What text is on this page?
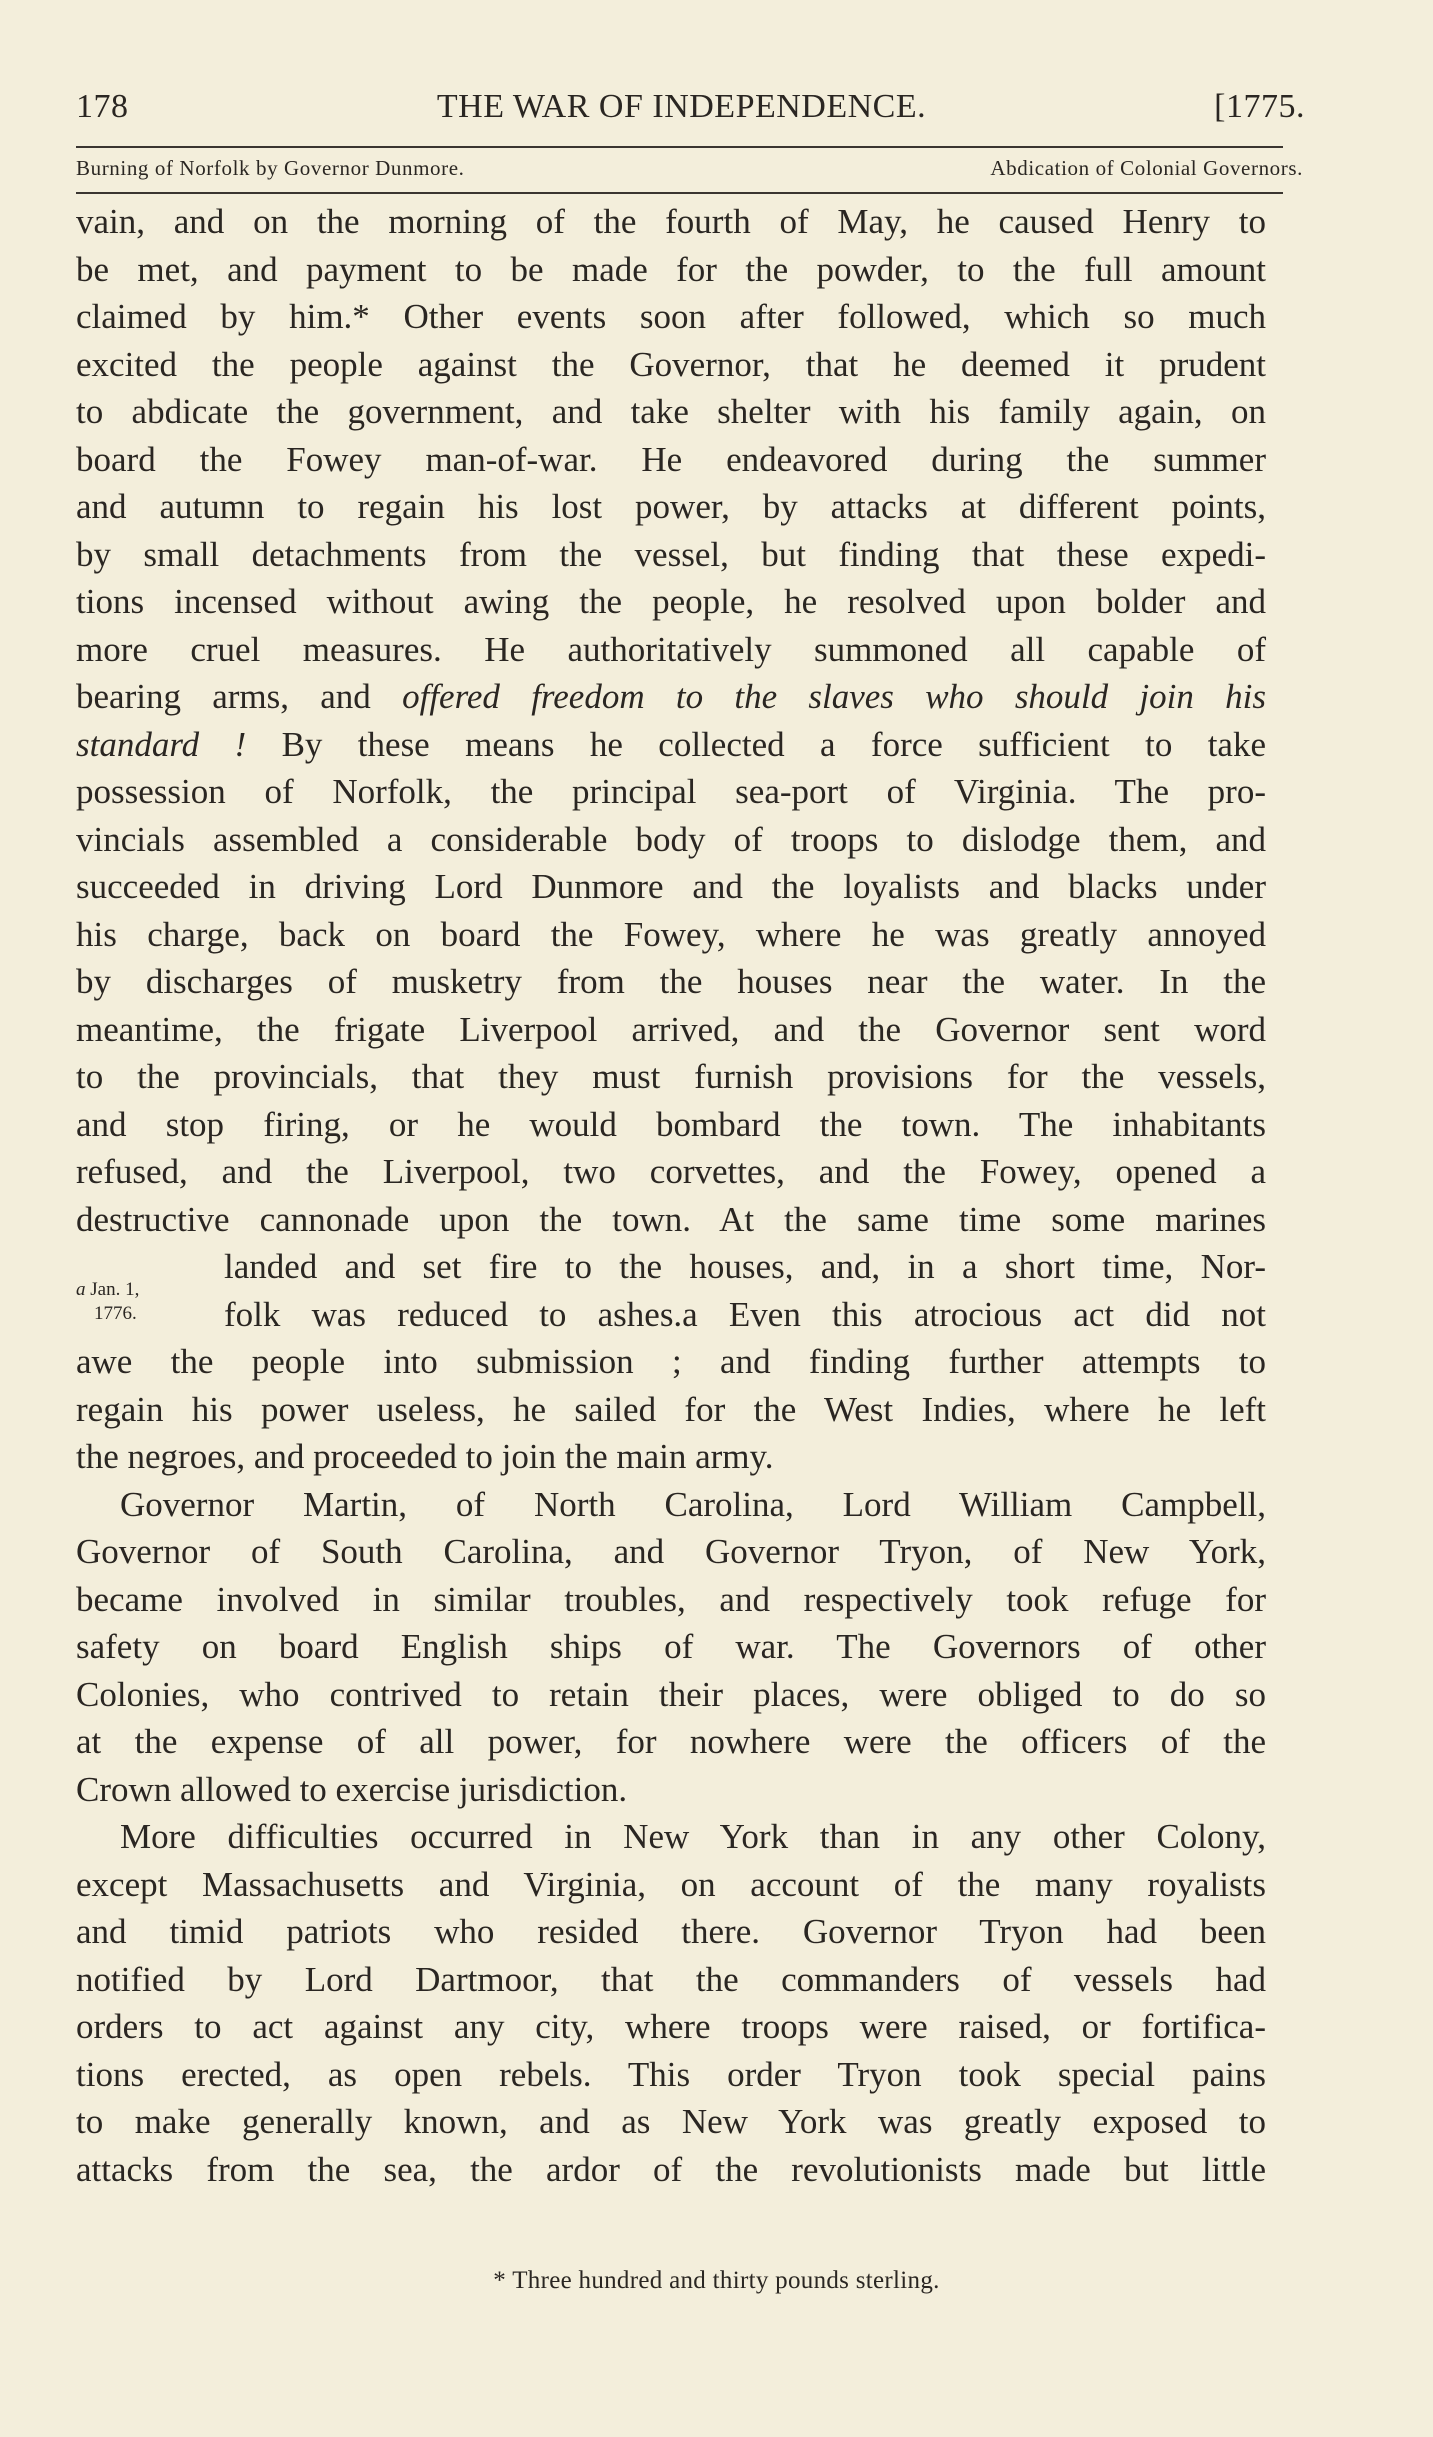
178	THE WAR OF INDEPENDENCE.	[1775.
Burning of Norfolk by Governor Dunmore.	Abdication of Colonial Governors.
vain, and on the morning of the fourth of May, he caused Henry to
be met, and payment to be made for the powder, to the full amount
claimed by him.* Other events soon after followed, which so much
excited the people against the Governor, that he deemed it prudent
to abdicate the government, and take shelter with his family again, on
board the Fowey man-of-war. He endeavored during the summer
and autumn to regain his lost power, by attacks at different points,
by small detachments from the vessel, but finding that these expedi-
tions incensed without awing the people, he resolved upon bolder and
more cruel measures. He authoritatively summoned all capable of
bearing arms, and offered freedom to the slaves who should join his
standard ! By these means he collected a force sufficient to take
possession of Norfolk, the principal sea-port of Virginia. The pro-
vincials assembled a considerable body of troops to dislodge them, and
succeeded in driving Lord Dunmore and the loyalists and blacks under
his charge, back on board the Fowey, where he was greatly annoyed
by discharges of musketry from the houses near the water. In the
meantime, the frigate Liverpool arrived, and the Governor sent word
to the provincials, that they must furnish provisions for the vessels,
and stop firing, or he would bombard the town. The inhabitants
refused, and the Liverpool, two corvettes, and the Fowey, opened a
destructive cannonade upon the town. At the same time some marines
landed and set fire to the houses, and, in a short time, Nor-
folk was reduced to ashes.a Even this atrocious act did not
awe the people into submission ; and finding further attempts to
regain his power useless, he sailed for the West Indies, where he left
the negroes, and proceeded to join the main army.
Governor Martin, of North Carolina, Lord William Campbell,
Governor of South Carolina, and Governor Tryon, of New York,
became involved in similar troubles, and respectively took refuge for
safety on board English ships of war. The Governors of other
Colonies, who contrived to retain their places, were obliged to do so
at the expense of all power, for nowhere were the officers of the
Crown allowed to exercise jurisdiction.
More difficulties occurred in New York than in any other Colony,
except Massachusetts and Virginia, on account of the many royalists
and timid patriots who resided there. Governor Tryon had been
notified by Lord Dartmoor, that the commanders of vessels had
orders to act against any city, where troops were raised, or fortifica-
tions erected, as open rebels. This order Tryon took special pains
to make generally known, and as New York was greatly exposed to
attacks from the sea, the ardor of the revolutionists made but little
a Jan. 1,
1776.
* Three hundred and thirty pounds sterling.
